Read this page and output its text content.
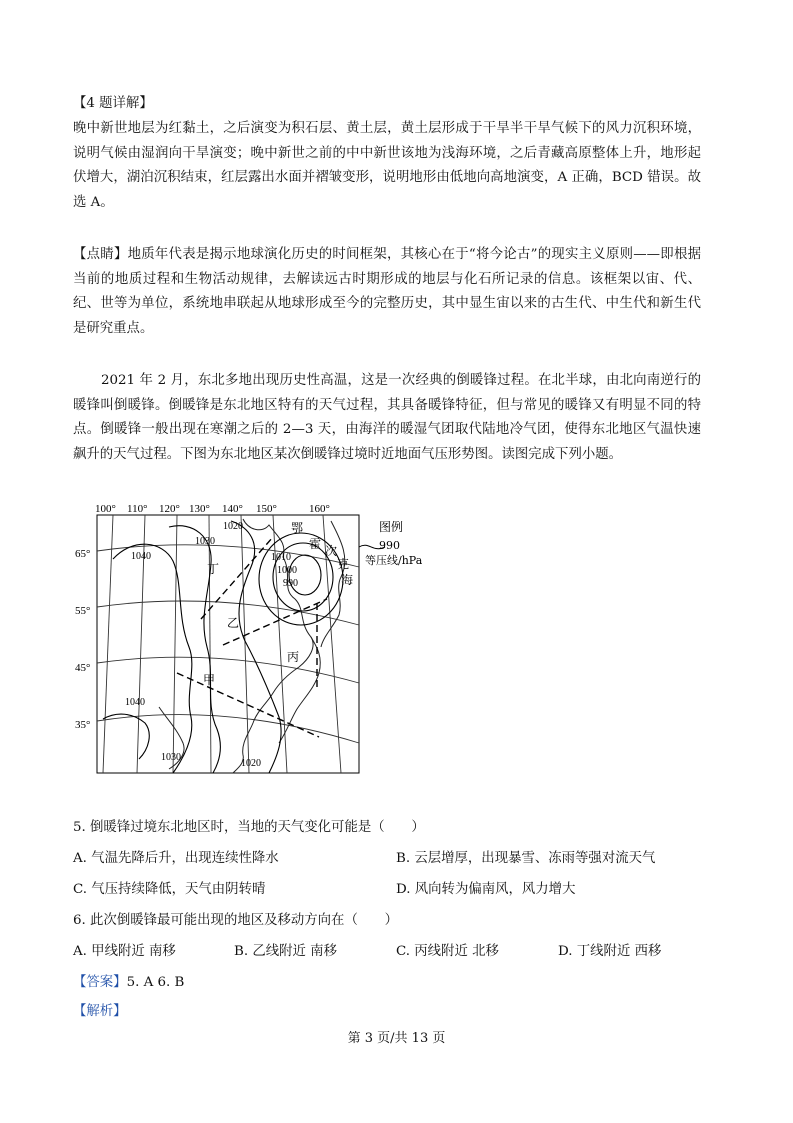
【4 题详解】

晚中新世地层为红黏土，之后演变为积石层、黄土层，黄土层形成于干旱半干旱气候下的风力沉积环境，说明气候由湿润向干旱演变；晚中新世之前的中中新世该地为浅海环境，之后青藏高原整体上升，地形起伏增大，湖泊沉积结束，红层露出水面并褶皱变形，说明地形由低地向高地演变，A 正确，BCD 错误。故选 A。

【点睛】地质年代表是揭示地球演化历史的时间框架，其核心在于“将今论古”的现实主义原则——即根据当前的地质过程和生物活动规律，去解读远古时期形成的地层与化石所记录的信息。该框架以宙、代、纪、世等为单位，系统地串联起从地球形成至今的完整历史，其中显生宙以来的古生代、中生代和新生代是研究重点。

2021 年 2 月，东北多地出现历史性高温，这是一次经典的倒暖锋过程。在北半球，由北向南逆行的暖锋叫倒暖锋。倒暖锋是东北地区特有的天气过程，其具备暖锋特征，但与常见的暖锋又有明显不同的特点。倒暖锋一般出现在寒潮之后的 2—3 天，由海洋的暖湿气团取代陆地冷气团，使得东北地区气温快速飙升的天气过程。下图为东北地区某次倒暖锋过境时近地面气压形势图。读图完成下列小题。

100° 110° 120° 130° 140° 150°	160°
65°
55°
45°
35°
1040
1030
1020
1010
1000
990
1040
1030
1020
丁
乙
丙
甲
鄂
霍 次
克
海
图例
990
等压线/hPa
5. 倒暖锋过境东北地区时，当地的天气变化可能是（　　）
A. 气温先降后升，出现连续性降水	B. 云层增厚，出现暴雪、冻雨等强对流天气
C. 气压持续降低，天气由阴转晴	D. 风向转为偏南风，风力增大
6. 此次倒暖锋最可能出现的地区及移动方向在（　　）
A. 甲线附近 南移	B. 乙线附近 南移	C. 丙线附近 北移	D. 丁线附近 西移
【答案】5. A 6. B
【解析】
第 3 页/共 13 页
